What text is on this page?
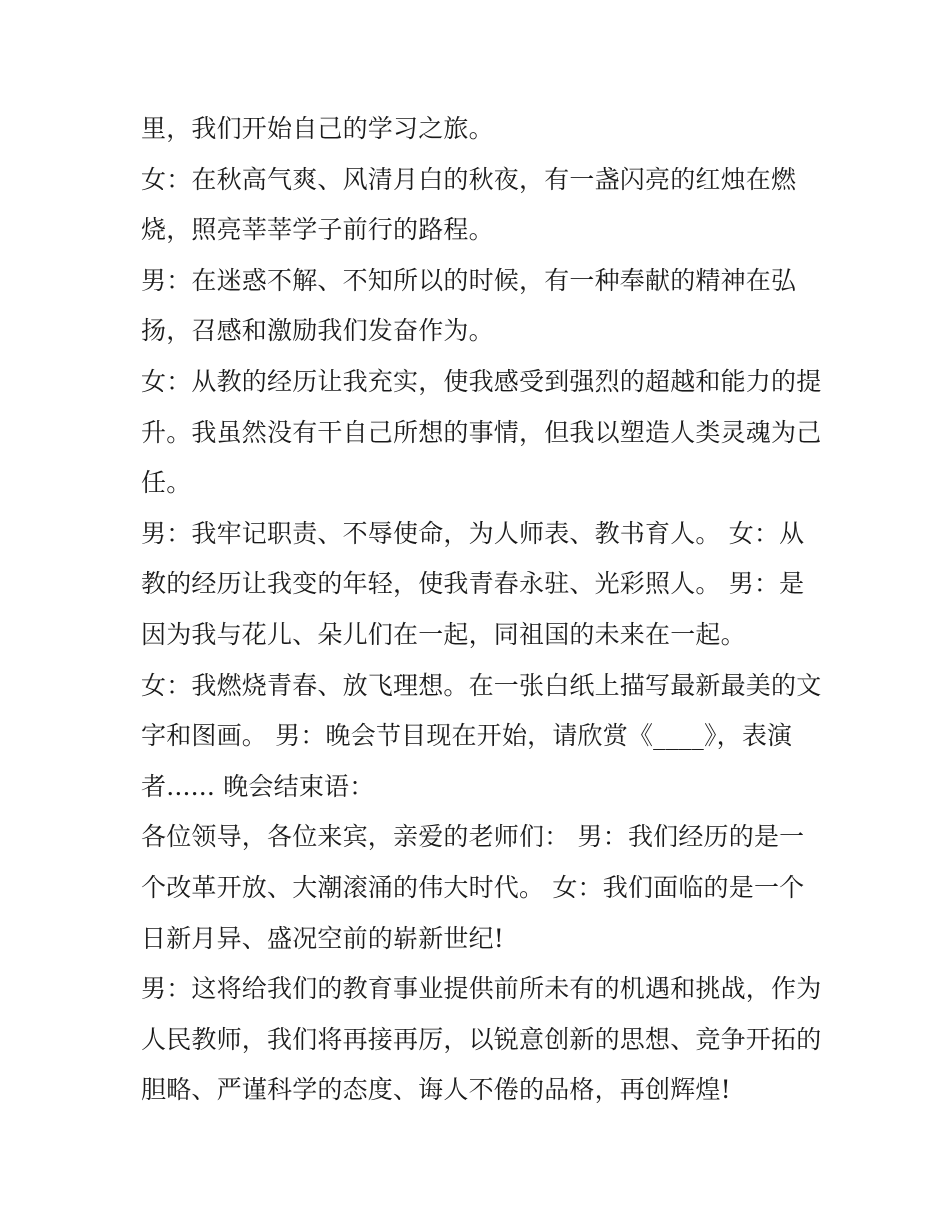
里，我们开始自己的学习之旅。
女：在秋高气爽、风清月白的秋夜，有一盏闪亮的红烛在燃
烧，照亮莘莘学子前行的路程。
男：在迷惑不解、不知所以的时候，有一种奉献的精神在弘
扬，召感和激励我们发奋作为。
女：从教的经历让我充实，使我感受到强烈的超越和能力的提
升。我虽然没有干自己所想的事情，但我以塑造人类灵魂为己
任。
男：我牢记职责、不辱使命，为人师表、教书育人。 女：从
教的经历让我变的年轻，使我青春永驻、光彩照人。 男：是
因为我与花儿、朵儿们在一起，同祖国的未来在一起。
女：我燃烧青春、放飞理想。在一张白纸上描写最新最美的文
字和图画。 男：晚会节目现在开始，请欣赏《____》，表演
者...... 晚会结束语：
各位领导，各位来宾，亲爱的老师们： 男：我们经历的是一
个改革开放、大潮滚涌的伟大时代。 女：我们面临的是一个
日新月异、盛况空前的崭新世纪!
男：这将给我们的教育事业提供前所未有的机遇和挑战，作为
人民教师，我们将再接再厉，以锐意创新的思想、竞争开拓的
胆略、严谨科学的态度、诲人不倦的品格，再创辉煌!
